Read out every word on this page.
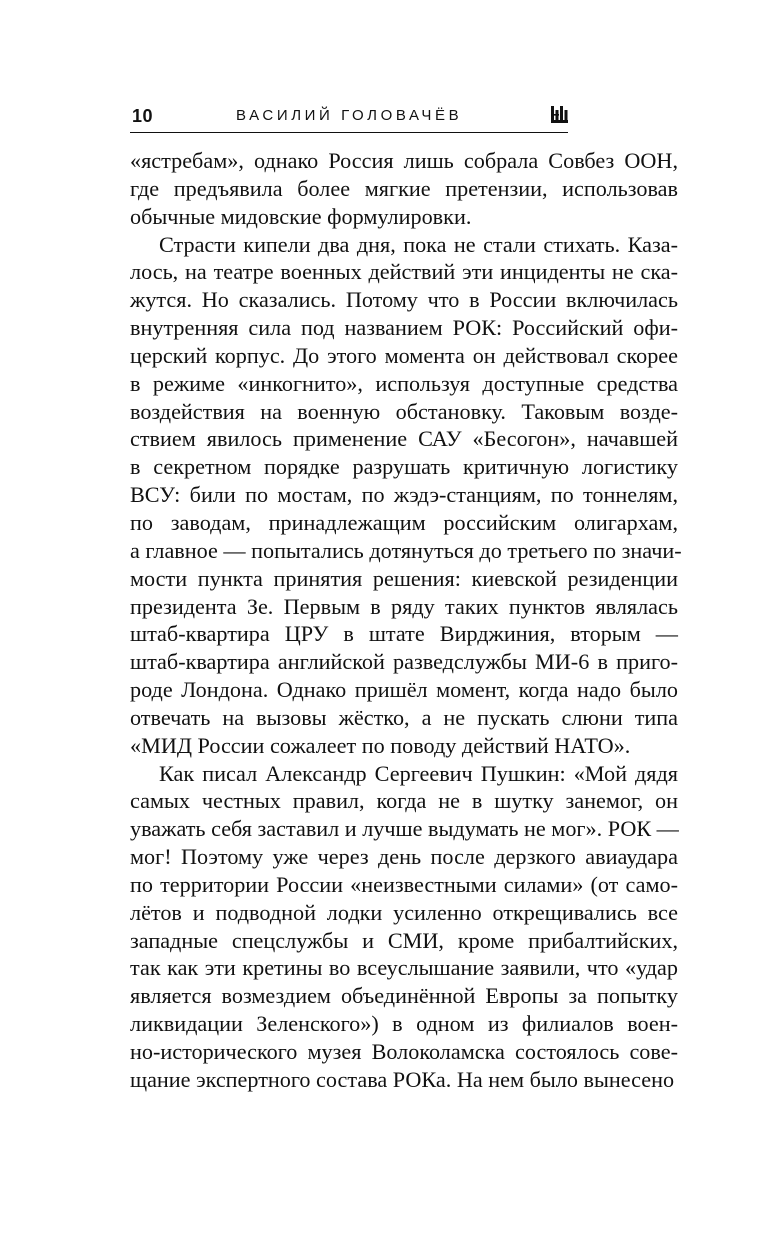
10	ВАСИЛИЙ ГОЛОВАЧЁВ
«ястребам», однако Россия лишь собрала Совбез ООН,
где предъявила более мягкие претензии, использовав
обычные мидовские формулировки.
Страсти кипели два дня, пока не стали стихать. Каза-
лось, на театре военных действий эти инциденты не ска-
жутся. Но сказались. Потому что в России включилась
внутренняя сила под названием РОК: Российский офи-
церский корпус. До этого момента он действовал скорее
в режиме «инкогнито», используя доступные средства
воздействия на военную обстановку. Таковым возде-
ствием явилось применение САУ «Бесогон», начавшей
в секретном порядке разрушать критичную логистику
ВСУ: били по мостам, по жэдэ-станциям, по тоннелям,
по заводам, принадлежащим российским олигархам,
а главное — попытались дотянуться до третьего по значи-
мости пункта принятия решения: киевской резиденции
президента Зе. Первым в ряду таких пунктов являлась
штаб-квартира ЦРУ в штате Вирджиния, вторым —
штаб-квартира английской разведслужбы МИ-6 в приго-
роде Лондона. Однако пришёл момент, когда надо было
отвечать на вызовы жёстко, а не пускать слюни типа
«МИД России сожалеет по поводу действий НАТО».
Как писал Александр Сергеевич Пушкин: «Мой дядя
самых честных правил, когда не в шутку занемог, он
уважать себя заставил и лучше выдумать не мог». РОК —
мог! Поэтому уже через день после дерзкого авиаудара
по территории России «неизвестными силами» (от само-
лётов и подводной лодки усиленно открещивались все
западные спецслужбы и СМИ, кроме прибалтийских,
так как эти кретины во всеуслышание заявили, что «удар
является возмездием объединённой Европы за попытку
ликвидации Зеленского») в одном из филиалов воен-
но-исторического музея Волоколамска состоялось сове-
щание экспертного состава РОКа. На нем было вынесено
